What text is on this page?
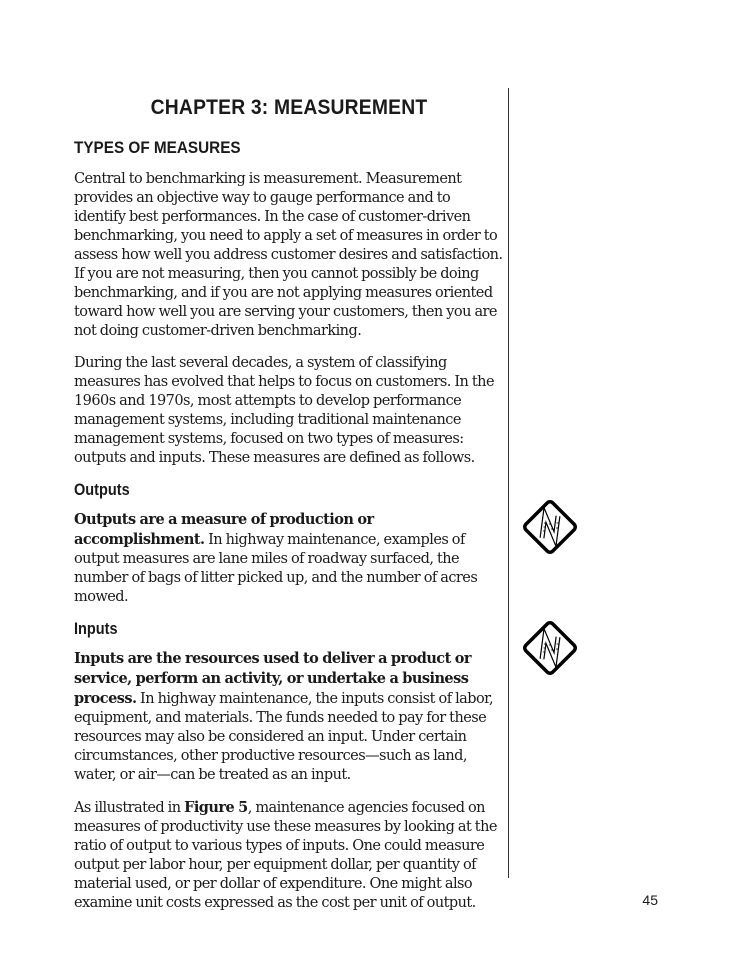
CHAPTER 3: MEASUREMENT
TYPES OF MEASURES

Central to benchmarking is measurement. Measurement provides an objective way to gauge performance and to identify best performances. In the case of customer-driven benchmarking, you need to apply a set of measures in order to assess how well you address customer desires and satisfaction. If you are not measuring, then you cannot possibly be doing benchmarking, and if you are not applying measures oriented toward how well you are serving your customers, then you are not doing customer-driven benchmarking.

During the last several decades, a system of classifying measures has evolved that helps to focus on customers. In the 1960s and 1970s, most attempts to develop performance management systems, including traditional maintenance management systems, focused on two types of measures: outputs and inputs. These measures are defined as follows.

Outputs

Outputs are a measure of production or accomplishment. In highway maintenance, examples of output measures are lane miles of roadway surfaced, the number of bags of litter picked up, and the number of acres mowed.

Inputs

Inputs are the resources used to deliver a product or service, perform an activity, or undertake a business process. In highway maintenance, the inputs consist of labor, equipment, and materials. The funds needed to pay for these resources may also be considered an input. Under certain circumstances, other productive resources—such as land, water, or air—can be treated as an input.

As illustrated in Figure 5, maintenance agencies focused on measures of productivity use these measures by looking at the ratio of output to various types of inputs. One could measure output per labor hour, per equipment dollar, per quantity of material used, or per dollar of expenditure. One might also examine unit costs expressed as the cost per unit of output.	45
